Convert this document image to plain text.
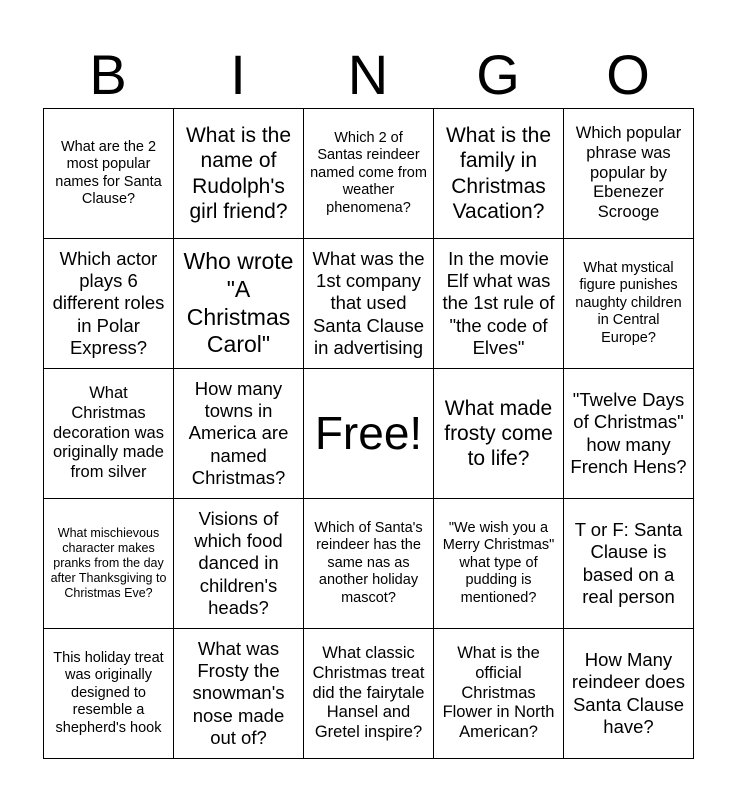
B	I	N	G	O
What are the 2 most popular names for Santa Clause?	What is the name of Rudolph's girl friend?	Which 2 of Santas reindeer named come from weather phenomena?	What is the family in Christmas Vacation?	Which popular phrase was popular by Ebenezer Scrooge

Which actor plays 6 different roles in Polar Express?	Who wrote "A Christmas Carol"	What was the 1st company that used Santa Clause in advertising	In the movie Elf what was the 1st rule of "the code of Elves"	What mystical figure punishes naughty children in Central Europe?

What Christmas decoration was originally made from silver	How many towns in America are named Christmas?	Free!	What made frosty come to life?	"Twelve Days of Christmas" how many French Hens?

What mischievous character makes pranks from the day after Thanksgiving to Christmas Eve?	Visions of which food danced in children's heads?	Which of Santa's reindeer has the same nas as another holiday mascot?	"We wish you a Merry Christmas" what type of pudding is mentioned?	T or F: Santa Clause is based on a real person

This holiday treat was originally designed to resemble a shepherd's hook	What was Frosty the snowman's nose made out of?	What classic Christmas treat did the fairytale Hansel and Gretel inspire?	What is the official Christmas Flower in North American?	How Many reindeer does Santa Clause have?
